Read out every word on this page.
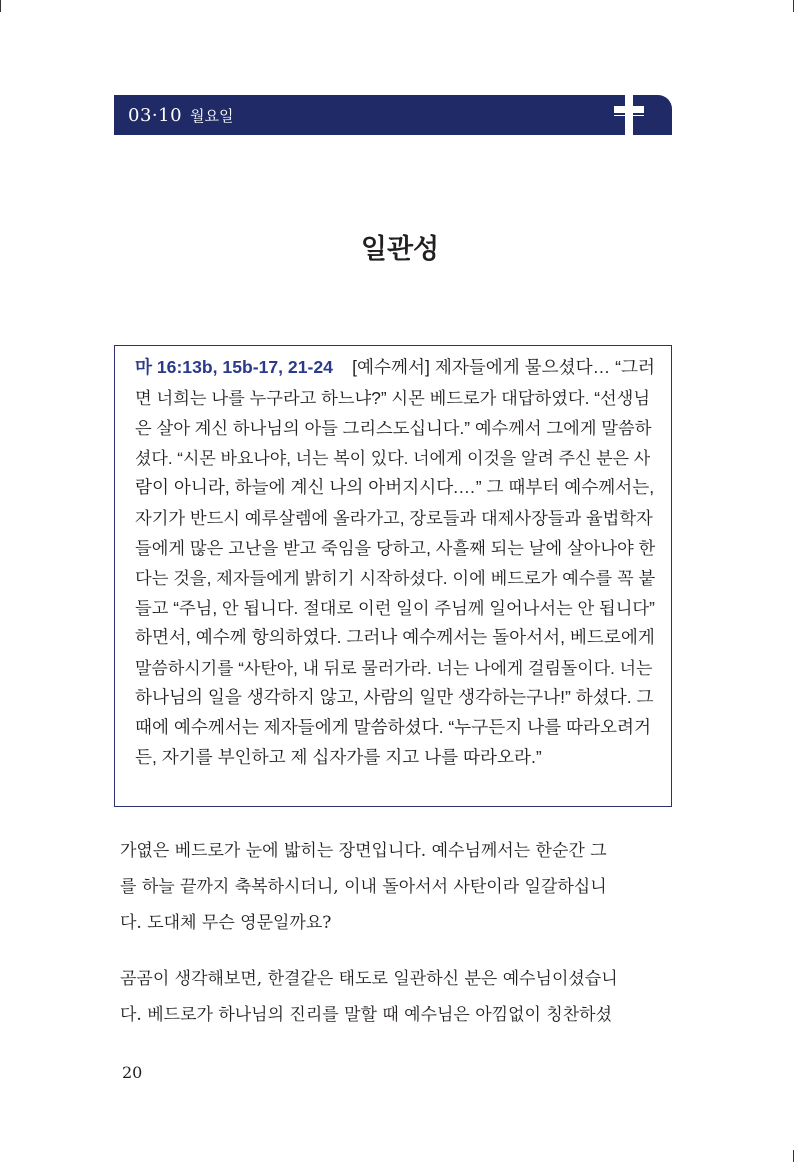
03·10 월요일
일관성
마 16:13b, 15b-17, 21-24 [예수께서] 제자들에게 물으셨다… “그러
면 너희는 나를 누구라고 하느냐?” 시몬 베드로가 대답하였다. “선생님
은 살아 계신 하나님의 아들 그리스도십니다.” 예수께서 그에게 말씀하
셨다. “시몬 바요나야, 너는 복이 있다. 너에게 이것을 알려 주신 분은 사
람이 아니라, 하늘에 계신 나의 아버지시다.…” 그 때부터 예수께서는,
자기가 반드시 예루살렘에 올라가고, 장로들과 대제사장들과 율법학자
들에게 많은 고난을 받고 죽임을 당하고, 사흘째 되는 날에 살아나야 한
다는 것을, 제자들에게 밝히기 시작하셨다. 이에 베드로가 예수를 꼭 붙
들고 “주님, 안 됩니다. 절대로 이런 일이 주님께 일어나서는 안 됩니다”
하면서, 예수께 항의하였다. 그러나 예수께서는 돌아서서, 베드로에게
말씀하시기를 “사탄아, 내 뒤로 물러가라. 너는 나에게 걸림돌이다. 너는
하나님의 일을 생각하지 않고, 사람의 일만 생각하는구나!” 하셨다. 그
때에 예수께서는 제자들에게 말씀하셨다. “누구든지 나를 따라오려거
든, 자기를 부인하고 제 십자가를 지고 나를 따라오라.”
가엾은 베드로가 눈에 밟히는 장면입니다. 예수님께서는 한순간 그
를 하늘 끝까지 축복하시더니, 이내 돌아서서 사탄이라 일갈하십니
다. 도대체 무슨 영문일까요?
곰곰이 생각해보면, 한결같은 태도로 일관하신 분은 예수님이셨습니
다. 베드로가 하나님의 진리를 말할 때 예수님은 아낌없이 칭찬하셨
20
